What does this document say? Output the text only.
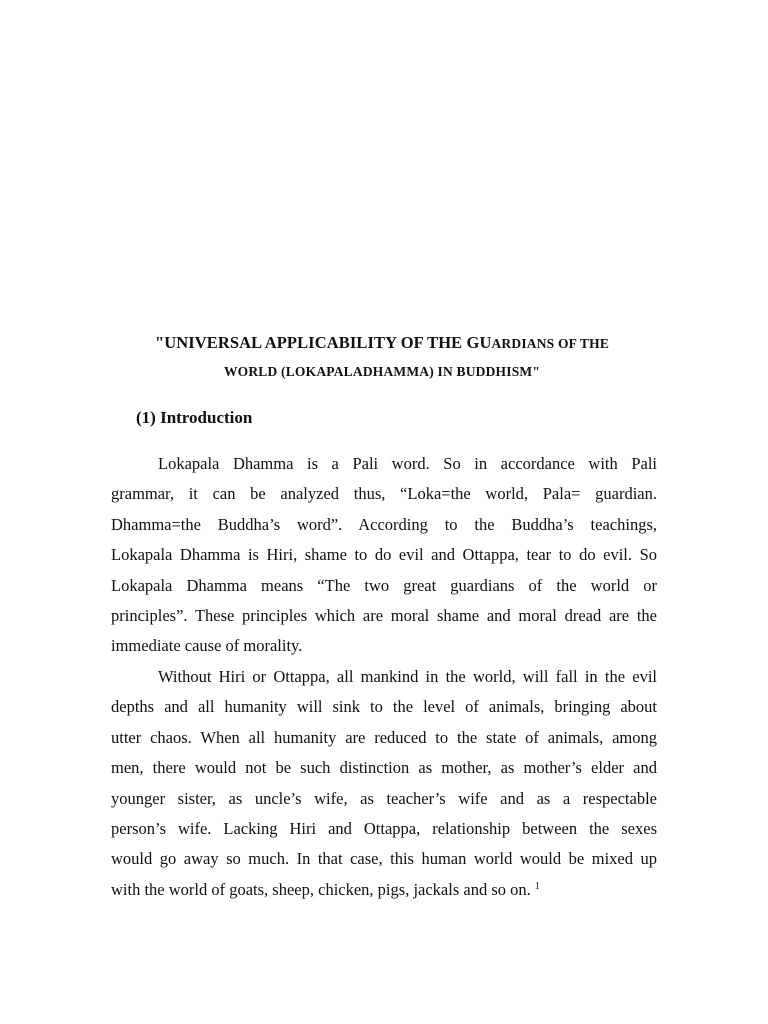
"UNIVERSAL APPLICABILITY OF THE GUARDIANS OF THE
WORLD (LOKAPALADHAMMA) IN BUDDHISM"
(1) Introduction
Lokapala Dhamma is a Pali word. So in accordance with Pali
grammar, it can be analyzed thus, “Loka=the world, Pala= guardian.
Dhamma=the Buddha’s word”. According to the Buddha’s teachings,
Lokapala Dhamma is Hiri, shame to do evil and Ottappa, tear to do evil. So
Lokapala Dhamma means “The two great guardians of the world or
principles”. These principles which are moral shame and moral dread are the
immediate cause of morality.
Without Hiri or Ottappa, all mankind in the world, will fall in the evil
depths and all humanity will sink to the level of animals, bringing about
utter chaos. When all humanity are reduced to the state of animals, among
men, there would not be such distinction as mother, as mother’s elder and
younger sister, as uncle’s wife, as teacher’s wife and as a respectable
person’s wife. Lacking Hiri and Ottappa, relationship between the sexes
would go away so much. In that case, this human world would be mixed up
with the world of goats, sheep, chicken, pigs, jackals and so on. $^1$
